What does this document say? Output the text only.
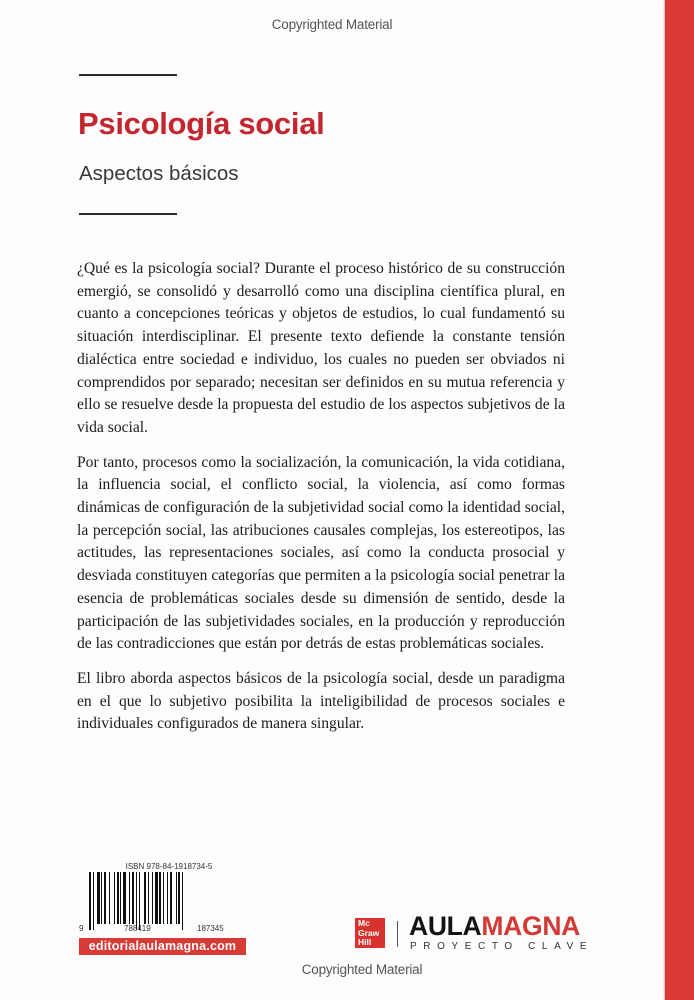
Copyrighted Material
Psicología social
Aspectos básicos

¿Qué es la psicología social? Durante el proceso histórico de su construcción emergió, se consolidó y desarrolló como una disciplina científica plural, en cuanto a concepciones teóricas y objetos de estudios, lo cual fundamentó su situación interdisciplinar. El presente texto defiende la constante tensión dialéctica entre sociedad e individuo, los cuales no pueden ser obviados ni comprendidos por separado; necesitan ser definidos en su mutua referencia y ello se resuelve desde la propuesta del estudio de los aspectos subjetivos de la vida social.

Por tanto, procesos como la socialización, la comunicación, la vida cotidiana, la influencia social, el conflicto social, la violencia, así como formas dinámicas de configuración de la subjetividad social como la identidad social, la percepción social, las atribuciones causales complejas, los estereotipos, las actitudes, las representaciones sociales, así como la conducta prosocial y desviada constituyen categorías que permiten a la psicología social penetrar la esencia de problemáticas sociales desde su dimensión de sentido, desde la participación de las subjetividades sociales, en la producción y reproducción de las contradicciones que están por detrás de estas problemáticas sociales.

El libro aborda aspectos básicos de la psicología social, desde un paradigma en el que lo subjetivo posibilita la inteligibilidad de procesos sociales e individuales configurados de manera singular.

ISBN 978-84-1918734-5
9	788419	187345
editorialaulamagna.com
Mc
Graw
Hill
AULAMAGNA
PROYECTO CLAVE
Copyrighted Material
